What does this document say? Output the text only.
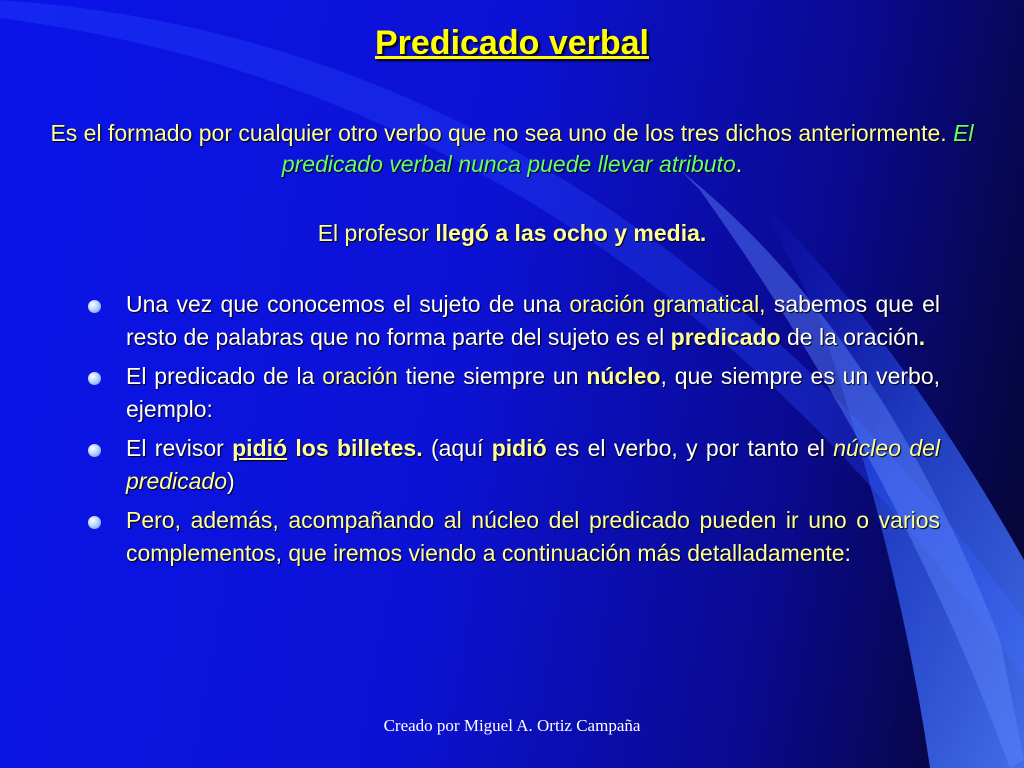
Predicado verbal
Es el formado por cualquier otro verbo que no sea uno de los tres dichos anteriormente. El predicado verbal nunca puede llevar atributo.
El profesor llegó a las ocho y media.
Una vez que conocemos el sujeto de una oración gramatical, sabemos que el resto de palabras que no forma parte del sujeto es el predicado de la oración.
El predicado de la oración tiene siempre un núcleo, que siempre es un verbo, ejemplo:
El revisor pidió los billetes. (aquí pidió es el verbo, y por tanto el núcleo del predicado)
Pero, además, acompañando al núcleo del predicado pueden ir uno o varios complementos, que iremos viendo a continuación más detalladamente:
Creado por Miguel A. Ortiz Campaña
